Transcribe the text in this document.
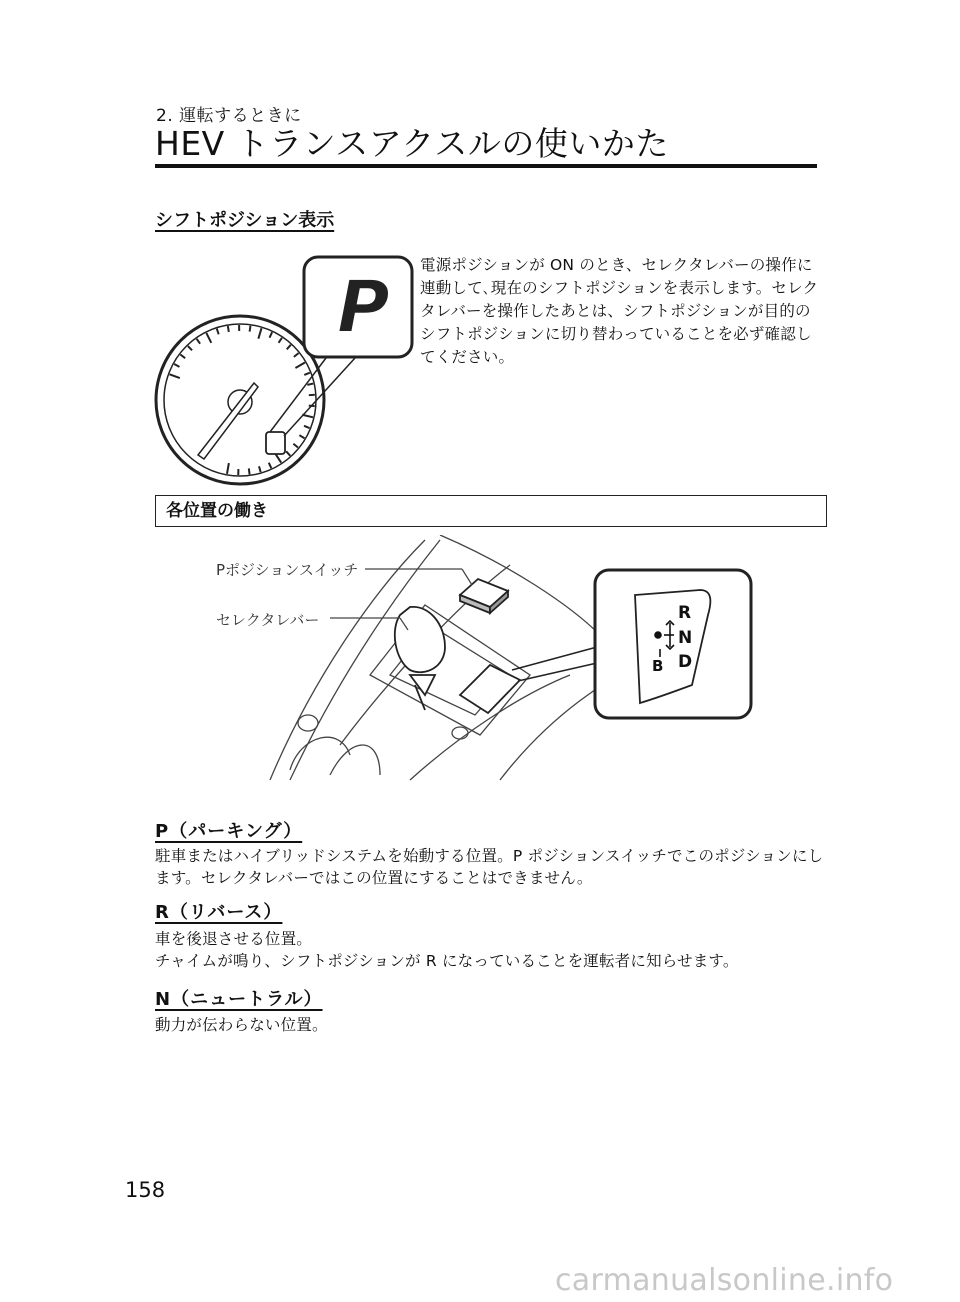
2. 運転するときに
HEV トランスアクスルの使いかた
シフトポジション表示
P 電源ポジションが ON のとき、セレクタレバーの操作に連動して､現在のシフトポジションを表示します。セレクタレバーを操作したあとは、シフトポジションが目的のシフトポジションに切り替わっていることを必ず確認してください。
各位置の働き
R
N
D
B
Pポジションスイッチ
セレクタレバー
P（パーキング）
駐車またはハイブリッドシステムを始動する位置。P ポジションスイッチでこのポジションにします。セレクタレバーではこの位置にすることはできません。
R（リバース）
車を後退させる位置。
チャイムが鳴り、シフトポジションが R になっていることを運転者に知らせます。
N（ニュートラル）
動力が伝わらない位置。
158
carmanualsonline.info
